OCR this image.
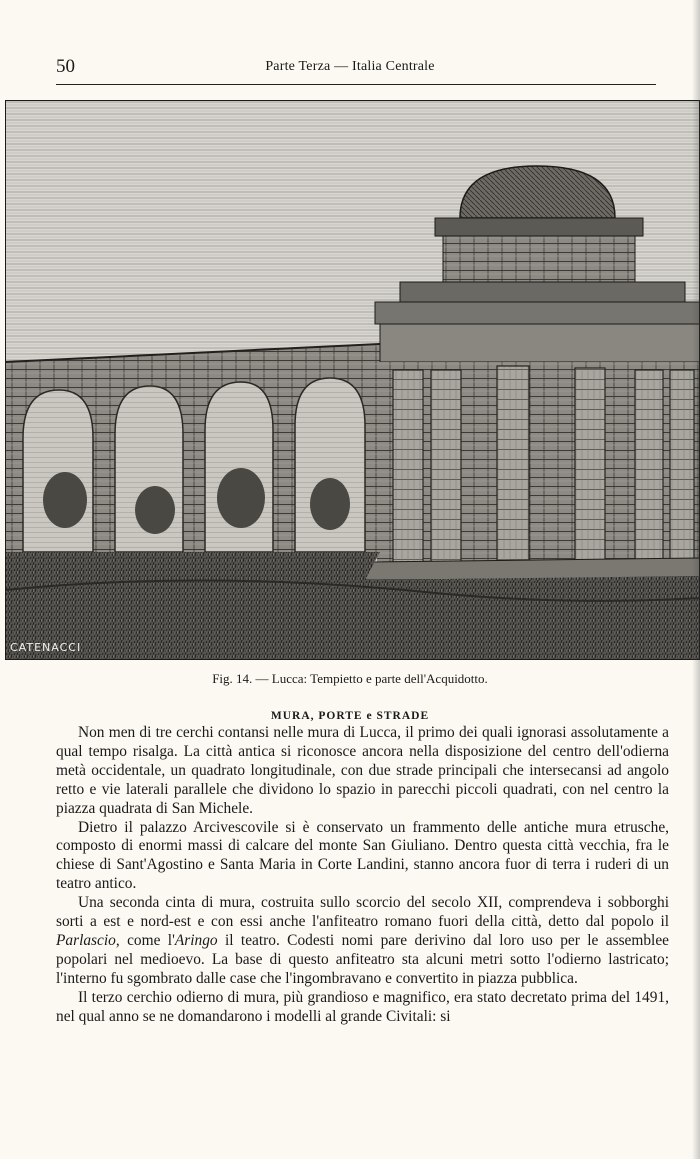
50	Parte Terza — Italia Centrale
CATENACCI
Fig. 14. — Lucca: Tempietto e parte dell'Acquidotto.
MURA, PORTE e STRADE

Non men di tre cerchi contansi nelle mura di Lucca, il primo dei quali ignorasi assolutamente a qual tempo risalga. La città antica si riconosce ancora nella disposizione del centro dell'odierna metà occidentale, un quadrato longitudinale, con due strade principali che intersecansi ad angolo retto e vie laterali parallele che dividono lo spazio in parecchi piccoli quadrati, con nel centro la piazza quadrata di San Michele.

Dietro il palazzo Arcivescovile si è conservato un frammento delle antiche mura etrusche, composto di enormi massi di calcare del monte San Giuliano. Dentro questa città vecchia, fra le chiese di Sant'Agostino e Santa Maria in Corte Landini, stanno ancora fuor di terra i ruderi di un teatro antico.

Una seconda cinta di mura, costruita sullo scorcio del secolo XII, comprendeva i sobborghi sorti a est e nord-est e con essi anche l'anfiteatro romano fuori della città, detto dal popolo il Parlascio, come l'Aringo il teatro. Codesti nomi pare derivino dal loro uso per le assemblee popolari nel medioevo. La base di questo anfiteatro sta alcuni metri sotto l'odierno lastricato; l'interno fu sgombrato dalle case che l'ingombravano e convertito in piazza pubblica.

Il terzo cerchio odierno di mura, più grandioso e magnifico, era stato decretato prima del 1491, nel qual anno se ne domandarono i modelli al grande Civitali: si
